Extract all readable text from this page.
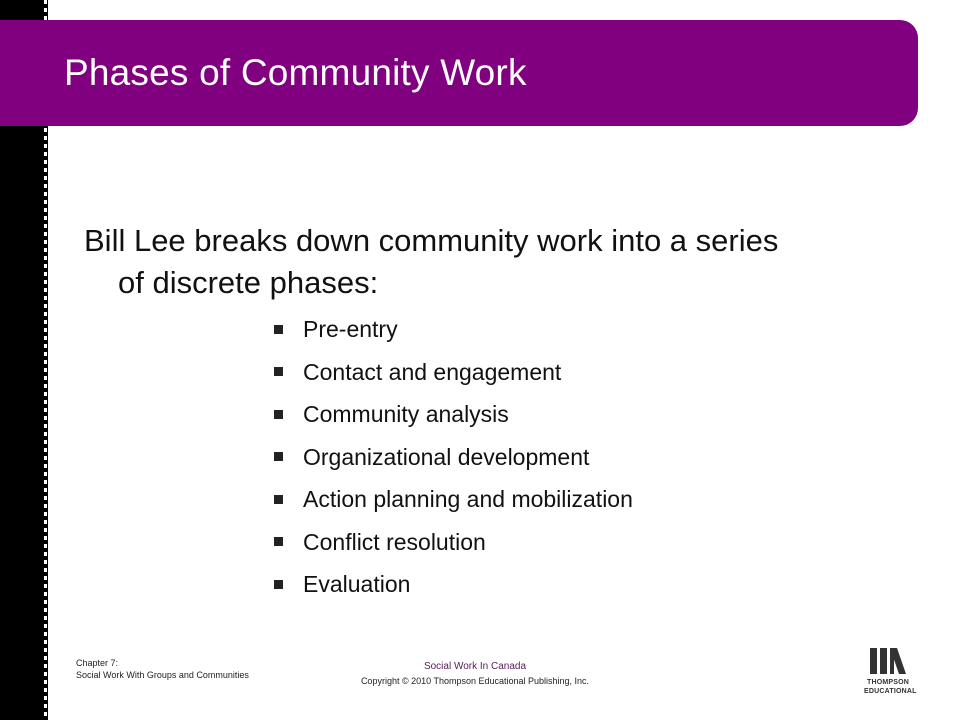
Phases of Community Work
Bill Lee breaks down community work into a series
of discrete phases:
Pre-entry
Contact and engagement
Community analysis
Organizational development
Action planning and mobilization
Conflict resolution
Evaluation
Chapter 7:
Social Work With Groups and Communities
Social Work In Canada
Copyright © 2010 Thompson Educational Publishing, Inc.	THOMPSON
EDUCATIONAL
